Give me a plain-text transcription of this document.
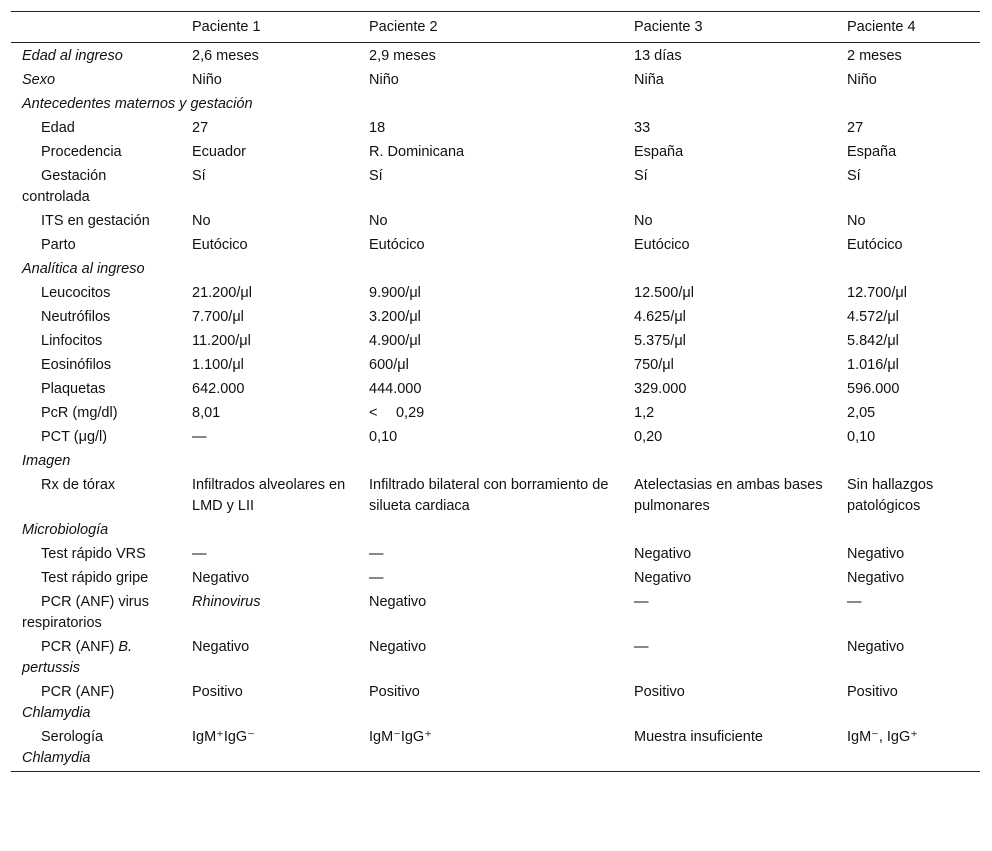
	Paciente 1	Paciente 2	Paciente 3	Paciente 4
Edad al ingreso	2,6 meses	2,9 meses	13 días	2 meses
Sexo	Niño	Niño	Niña	Niño
Antecedentes maternos y gestación				
Edad	27	18	33	27
Procedencia	Ecuador	R. Dominicana	España	España
Gestación controlada	Sí	Sí	Sí	Sí
ITS en gestación	No	No	No	No
Parto	Eutócico	Eutócico	Eutócico	Eutócico
Analítica al ingreso				
Leucocitos	21.200/μl	9.900/μl	12.500/μl	12.700/μl
Neutrófilos	7.700/μl	3.200/μl	4.625/μl	4.572/μl
Linfocitos	11.200/μl	4.900/μl	5.375/μl	5.842/μl
Eosinófilos	1.100/μl	600/μl	750/μl	1.016/μl
Plaquetas	642.000	444.000	329.000	596.000
PcR (mg/dl)	8,01	<  0,29	1,2	2,05
PCT (μg/l)	—	0,10	0,20	0,10
Imagen				
Rx de tórax	Infiltrados alveolares en LMD y LII	Infiltrado bilateral con borramiento de silueta cardiaca	Atelectasias en ambas bases pulmonares	Sin hallazgos patológicos
Microbiología				
Test rápido VRS	—	—	Negativo	Negativo
Test rápido gripe	Negativo	—	Negativo	Negativo
PCR (ANF) virus respiratorios	Rhinovirus	Negativo	—	—
PCR (ANF) B. pertussis	Negativo	Negativo	—	Negativo
PCR (ANF) Chlamydia	Positivo	Positivo	Positivo	Positivo
Serología Chlamydia	IgM⁺IgG⁻	IgM⁻IgG⁺	Muestra insuficiente	IgM⁻, IgG⁺
